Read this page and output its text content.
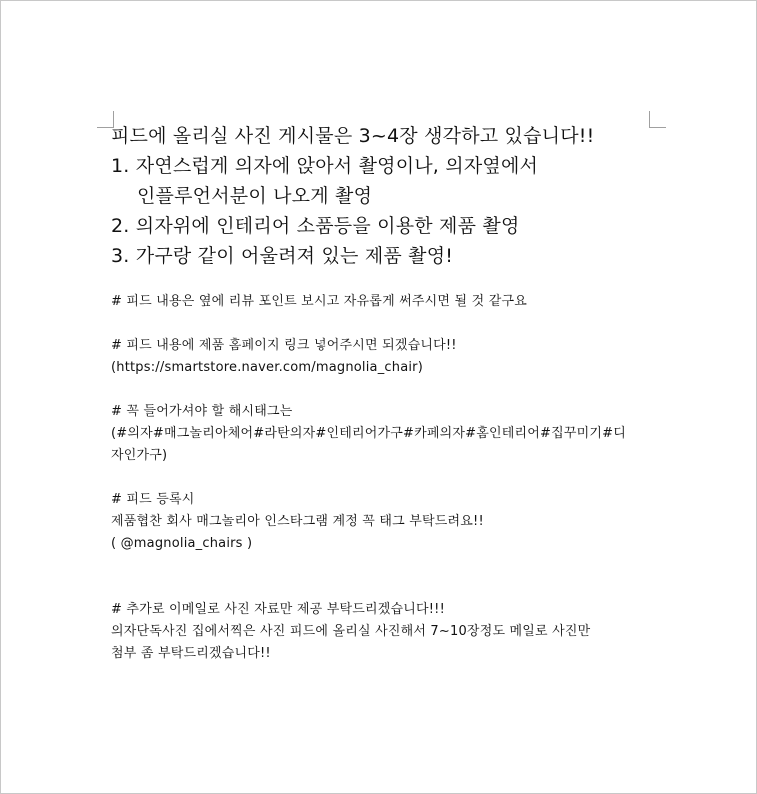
피드에 올리실 사진 게시물은 3~4장 생각하고 있습니다!!
1. 자연스럽게 의자에 앉아서 촬영이나, 의자옆에서
인플루언서분이 나오게 촬영
2. 의자위에 인테리어 소품등을 이용한 제품 촬영
3. 가구랑 같이 어울려져 있는 제품 촬영!
# 피드 내용은 옆에 리뷰 포인트 보시고 자유롭게 써주시면 될 것 같구요
# 피드 내용에 제품 홈페이지 링크 넣어주시면 되겠습니다!!
(https://smartstore.naver.com/magnolia_chair)
# 꼭 들어가셔야 할 해시태그는
(#의자#매그놀리아체어#라탄의자#인테리어가구#카페의자#홈인테리어#집꾸미기#디
자인가구)
# 피드 등록시
제품협찬 회사 매그놀리아 인스타그램 계정 꼭 태그 부탁드려요!!
( @magnolia_chairs )
# 추가로 이메일로 사진 자료만 제공 부탁드리겠습니다!!!
의자단독사진 집에서찍은 사진 피드에 올리실 사진해서 7~10장정도 메일로 사진만
첨부 좀 부탁드리겠습니다!!
